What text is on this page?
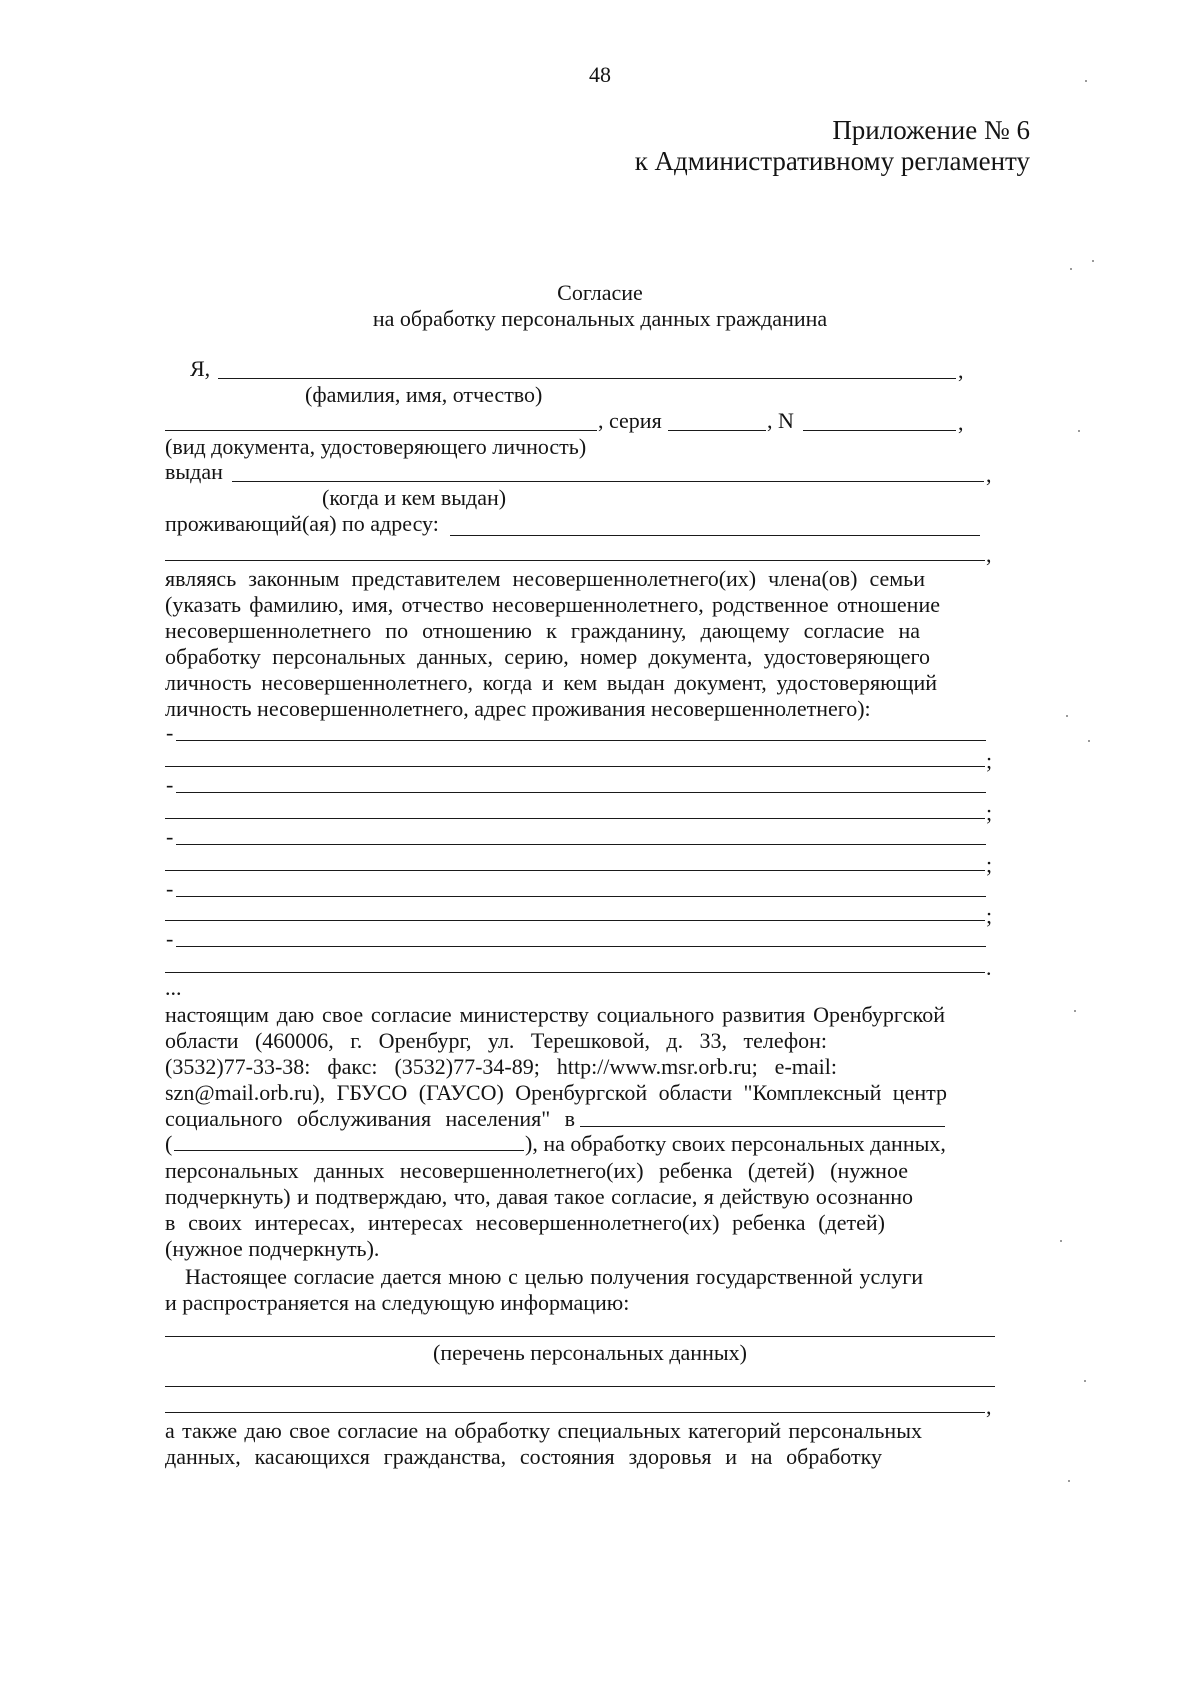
48
Приложение № 6
к Административному регламенту
Согласие
на обработку персональных данных гражданина
Я,	,
(фамилия, имя, отчество)
, серия	, N	,
(вид документа, удостоверяющего личность)
выдан	,
(когда и кем выдан)
проживающий(ая) по адресу:
,
являясь законным представителем несовершеннолетнего(их) члена(ов) семьи
(указать фамилию, имя, отчество несовершеннолетнего, родственное отношение
несовершеннолетнего по отношению к гражданину, дающему согласие на
обработку персональных данных, серию, номер документа, удостоверяющего
личность несовершеннолетнего, когда и кем выдан документ, удостоверяющий
личность несовершеннолетнего, адрес проживания несовершеннолетнего):
-
;
-
;
-
;
-
;
-
.
...
настоящим даю свое согласие министерству социального развития Оренбургской
области (460006, г. Оренбург, ул. Терешковой, д. 33, телефон:
(3532)77-33-38: факс: (3532)77-34-89; http://www.msr.orb.ru; e-mail:
szn@mail.orb.ru), ГБУСО (ГАУСО) Оренбургской области "Комплексный центр
социального обслуживания населения" в
(	), на обработку своих персональных данных,
персональных данных несовершеннолетнего(их) ребенка (детей) (нужное
подчеркнуть) и подтверждаю, что, давая такое согласие, я действую осознанно
в своих интересах, интересах несовершеннолетнего(их) ребенка (детей)
(нужное подчеркнуть).
Настоящее согласие дается мною с целью получения государственной услуги
и распространяется на следующую информацию:
(перечень персональных данных)
,
а также даю свое согласие на обработку специальных категорий персональных
данных, касающихся гражданства, состояния здоровья и на обработку
